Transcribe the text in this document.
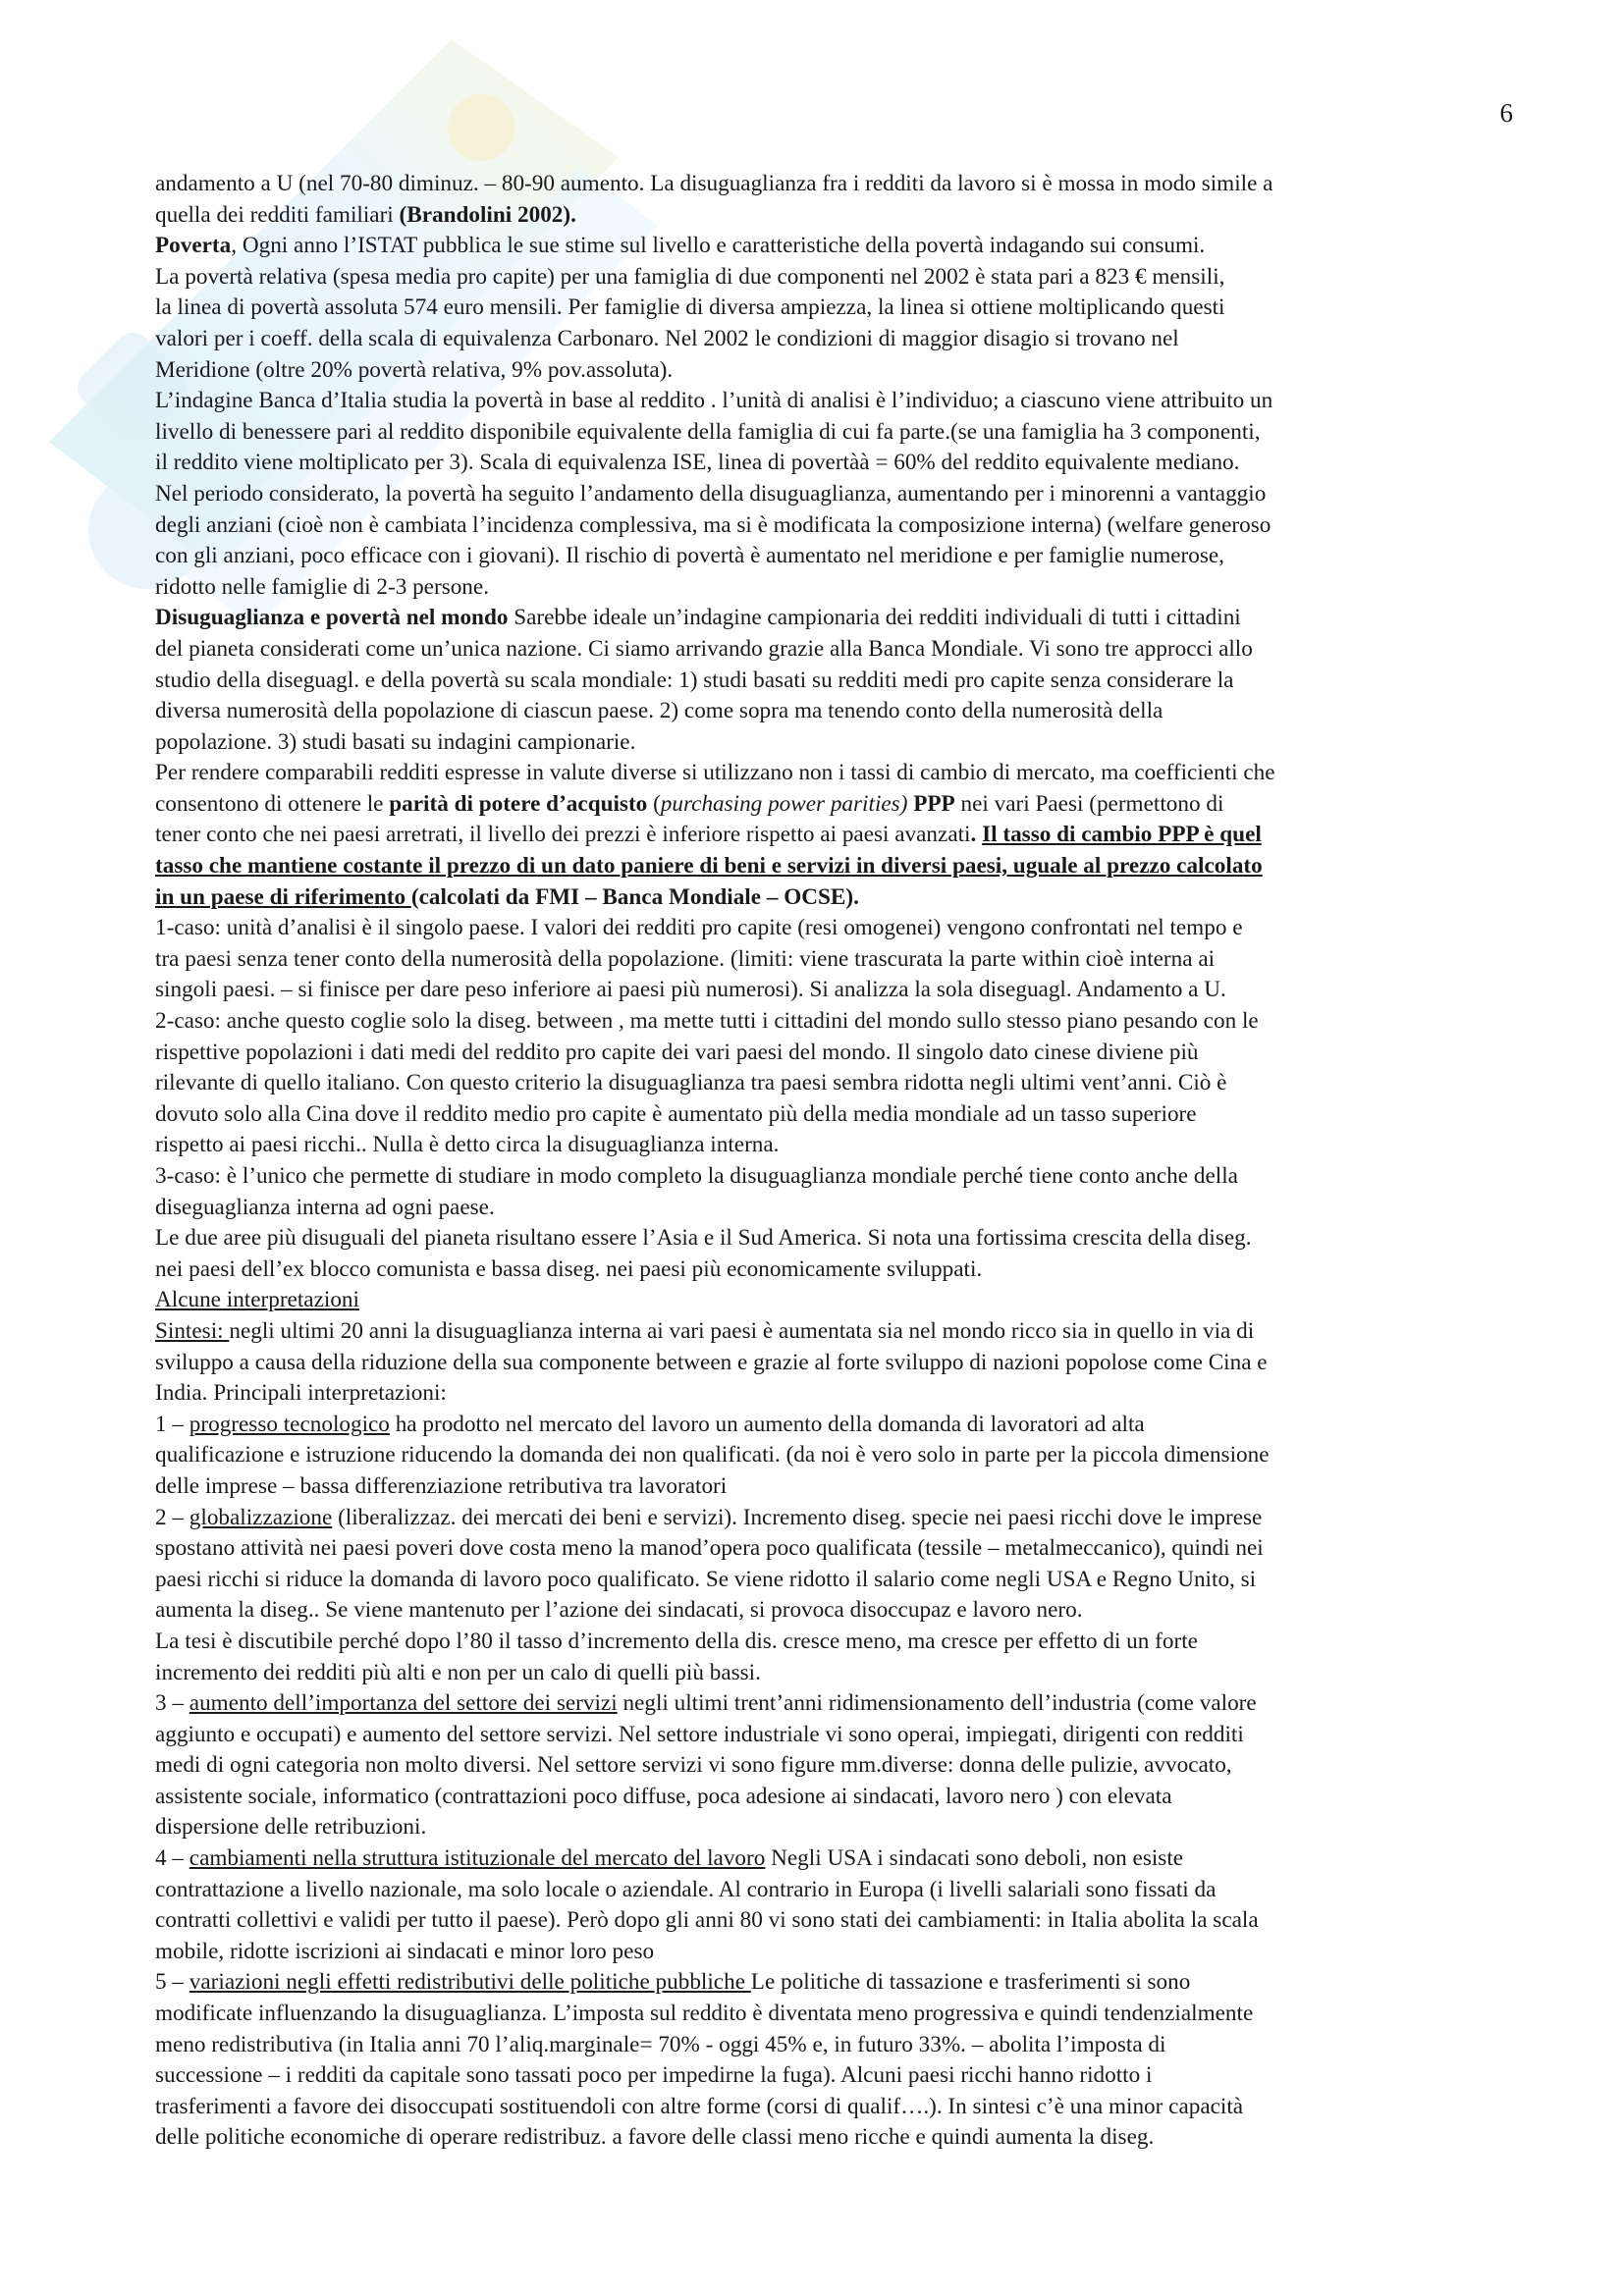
6

andamento a U (nel 70-80 diminuz. – 80-90 aumento. La disuguaglianza fra i redditi da lavoro si è mossa in modo simile a
quella dei redditi familiari (Brandolini 2002).

Poverta, Ogni anno l’ISTAT pubblica le sue stime sul livello e caratteristiche della povertà indagando sui consumi.
La povertà relativa (spesa media pro capite) per una famiglia di due componenti nel 2002 è stata pari a 823 € mensili,
la linea di povertà assoluta 574 euro mensili. Per famiglie di diversa ampiezza, la linea si ottiene moltiplicando questi
valori per i coeff. della scala di equivalenza Carbonaro. Nel 2002 le condizioni di maggior disagio si trovano nel
Meridione (oltre 20% povertà relativa, 9% pov.assoluta).

L’indagine Banca d’Italia studia la povertà in base al reddito . l’unità di analisi è l’individuo; a ciascuno viene attribuito un
livello di benessere pari al reddito disponibile equivalente della famiglia di cui fa parte.(se una famiglia ha 3 componenti,
il reddito viene moltiplicato per 3). Scala di equivalenza ISE, linea di povertàà = 60% del reddito equivalente mediano.
Nel periodo considerato, la povertà ha seguito l’andamento della disuguaglianza, aumentando per i minorenni a vantaggio
degli anziani (cioè non è cambiata l’incidenza complessiva, ma si è modificata la composizione interna) (welfare generoso
con gli anziani, poco efficace con i giovani). Il rischio di povertà è aumentato nel meridione e per famiglie numerose,
ridotto nelle famiglie di 2-3 persone.

Disuguaglianza e povertà nel mondo Sarebbe ideale un’indagine campionaria dei redditi individuali di tutti i cittadini
del pianeta considerati come un’unica nazione. Ci siamo arrivando grazie alla Banca Mondiale. Vi sono tre approcci allo
studio della diseguagl. e della povertà su scala mondiale: 1) studi basati su redditi medi pro capite senza considerare la
diversa numerosità della popolazione di ciascun paese. 2) come sopra ma tenendo conto della numerosità della
popolazione. 3) studi basati su indagini campionarie.

Per rendere comparabili redditi espresse in valute diverse si utilizzano non i tassi di cambio di mercato, ma coefficienti che
consentono di ottenere le parità di potere d’acquisto (purchasing power parities) PPP nei vari Paesi (permettono di
tener conto che nei paesi arretrati, il livello dei prezzi è inferiore rispetto ai paesi avanzati. Il tasso di cambio PPP è quel
tasso che mantiene costante il prezzo di un dato paniere di beni e servizi in diversi paesi, uguale al prezzo calcolato
in un paese di riferimento (calcolati da FMI – Banca Mondiale – OCSE).

1-caso: unità d’analisi è il singolo paese. I valori dei redditi pro capite (resi omogenei) vengono confrontati nel tempo e
tra paesi senza tener conto della numerosità della popolazione. (limiti: viene trascurata la parte within cioè interna ai
singoli paesi. – si finisce per dare peso inferiore ai paesi più numerosi). Si analizza la sola diseguagl. Andamento a U.

2-caso: anche questo coglie solo la diseg. between , ma mette tutti i cittadini del mondo sullo stesso piano pesando con le
rispettive popolazioni i dati medi del reddito pro capite dei vari paesi del mondo. Il singolo dato cinese diviene più
rilevante di quello italiano. Con questo criterio la disuguaglianza tra paesi sembra ridotta negli ultimi vent’anni. Ciò è
dovuto solo alla Cina dove il reddito medio pro capite è aumentato più della media mondiale ad un tasso superiore
rispetto ai paesi ricchi.. Nulla è detto circa la disuguaglianza interna.

3-caso: è l’unico che permette di studiare in modo completo la disuguaglianza mondiale perché tiene conto anche della
diseguaglianza interna ad ogni paese.

Le due aree più disuguali del pianeta risultano essere l’Asia e il Sud America. Si nota una fortissima crescita della diseg.
nei paesi dell’ex blocco comunista e bassa diseg. nei paesi più economicamente sviluppati.

Alcune interpretazioni

Sintesi: negli ultimi 20 anni la disuguaglianza interna ai vari paesi è aumentata sia nel mondo ricco sia in quello in via di
sviluppo a causa della riduzione della sua componente between e grazie al forte sviluppo di nazioni popolose come Cina e
India. Principali interpretazioni:

1 – progresso tecnologico ha prodotto nel mercato del lavoro un aumento della domanda di lavoratori ad alta
qualificazione e istruzione riducendo la domanda dei non qualificati. (da noi è vero solo in parte per la piccola dimensione
delle imprese – bassa differenziazione retributiva tra lavoratori

2 – globalizzazione (liberalizzaz. dei mercati dei beni e servizi). Incremento diseg. specie nei paesi ricchi dove le imprese
spostano attività nei paesi poveri dove costa meno la manod’opera poco qualificata (tessile – metalmeccanico), quindi nei
paesi ricchi si riduce la domanda di lavoro poco qualificato. Se viene ridotto il salario come negli USA e Regno Unito, si
aumenta la diseg.. Se viene mantenuto per l’azione dei sindacati, si provoca disoccupaz e lavoro nero.

La tesi è discutibile perché dopo l’80 il tasso d’incremento della dis. cresce meno, ma cresce per effetto di un forte
incremento dei redditi più alti e non per un calo di quelli più bassi.

3 – aumento dell’importanza del settore dei servizi negli ultimi trent’anni ridimensionamento dell’industria (come valore
aggiunto e occupati) e aumento del settore servizi. Nel settore industriale vi sono operai, impiegati, dirigenti con redditi
medi di ogni categoria non molto diversi. Nel settore servizi vi sono figure mm.diverse: donna delle pulizie, avvocato,
assistente sociale, informatico (contrattazioni poco diffuse, poca adesione ai sindacati, lavoro nero ) con elevata
dispersione delle retribuzioni.

4 – cambiamenti nella struttura istituzionale del mercato del lavoro Negli USA i sindacati sono deboli, non esiste
contrattazione a livello nazionale, ma solo locale o aziendale. Al contrario in Europa (i livelli salariali sono fissati da
contratti collettivi e validi per tutto il paese). Però dopo gli anni 80 vi sono stati dei cambiamenti: in Italia abolita la scala
mobile, ridotte iscrizioni ai sindacati e minor loro peso

5 – variazioni negli effetti redistributivi delle politiche pubbliche Le politiche di tassazione e trasferimenti si sono
modificate influenzando la disuguaglianza. L’imposta sul reddito è diventata meno progressiva e quindi tendenzialmente
meno redistributiva (in Italia anni 70 l’aliq.marginale= 70% - oggi 45% e, in futuro 33%. – abolita l’imposta di
successione – i redditi da capitale sono tassati poco per impedirne la fuga). Alcuni paesi ricchi hanno ridotto i
trasferimenti a favore dei disoccupati sostituendoli con altre forme (corsi di qualif….). In sintesi c’è una minor capacità
delle politiche economiche di operare redistribuz. a favore delle classi meno ricche e quindi aumenta la diseg.
